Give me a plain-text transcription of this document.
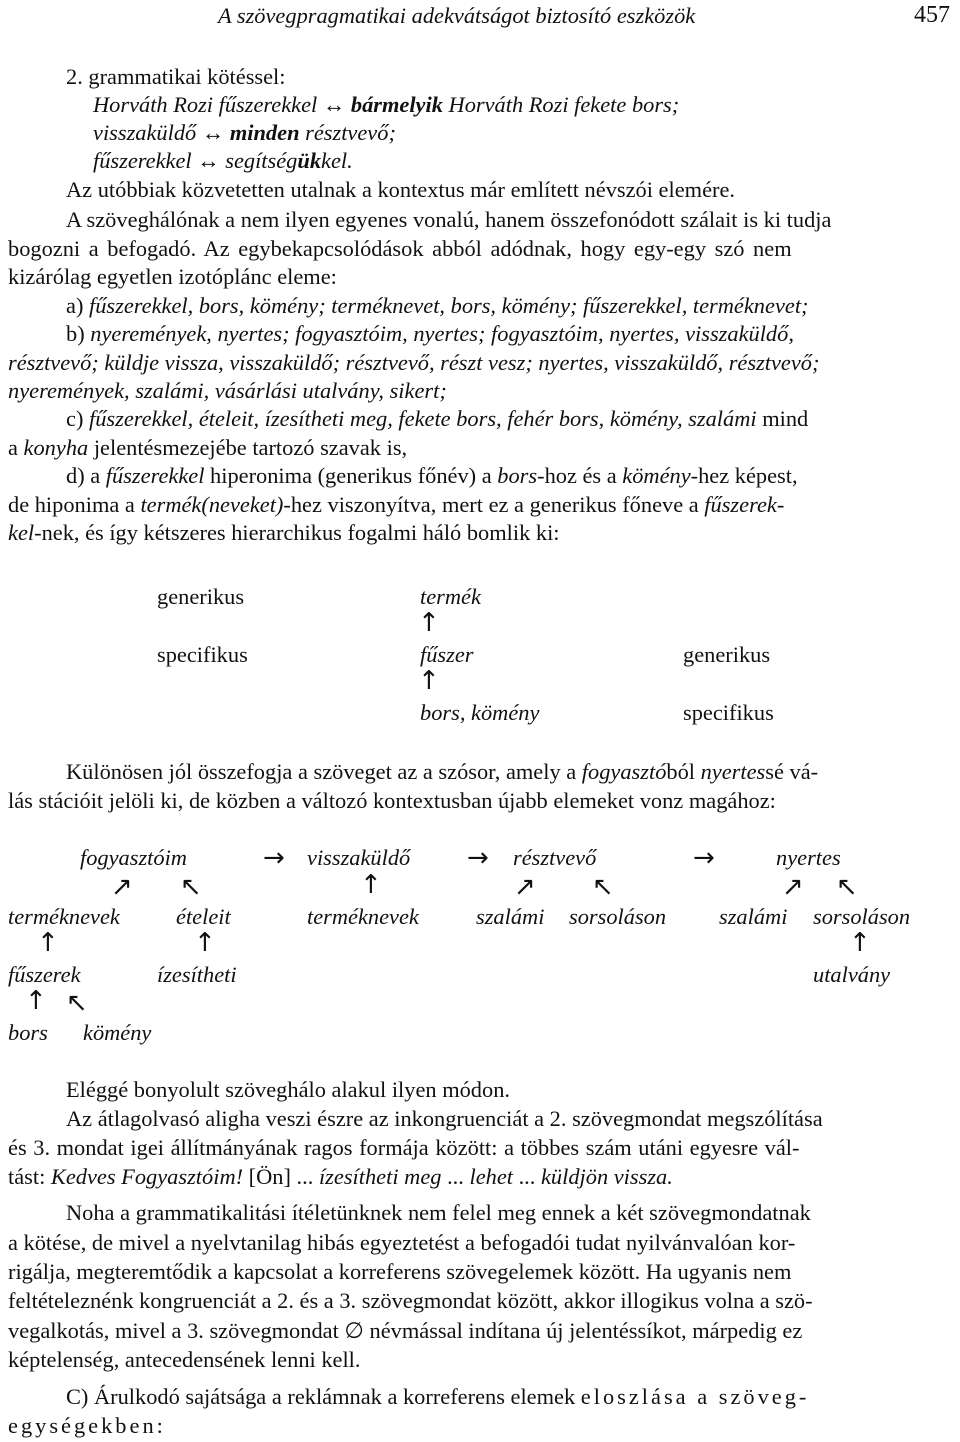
A szövegpragmatikai adekvátságot biztosító eszközök	457
2. grammatikai kötéssel:
Horváth Rozi fűszerekkel ↔ bármelyik Horváth Rozi fekete bors;
visszaküldő ↔ minden résztvevő;
fűszerekkel ↔ segítségükkel.
Az utóbbiak közvetetten utalnak a kontextus már említett névszói elemére.
A szöveghálónak a nem ilyen egyenes vonalú, hanem összefonódott szálait is ki tudja
bogozni a befogadó. Az egybekapcsolódások abból adódnak, hogy egy-egy szó nem
kizárólag egyetlen izotóplánc eleme:
a) fűszerekkel, bors, kömény; terméknevet, bors, kömény; fűszerekkel, terméknevet;
b) nyeremények, nyertes; fogyasztóim, nyertes; fogyasztóim, nyertes, visszaküldő,
résztvevő; küldje vissza, visszaküldő; résztvevő, részt vesz; nyertes, visszaküldő, résztvevő;
nyeremények, szalámi, vásárlási utalvány, sikert;
c) fűszerekkel, ételeit, ízesítheti meg, fekete bors, fehér bors, kömény, szalámi mind
a konyha jelentésmezejébe tartozó szavak is,
d) a fűszerekkel hiperonima (generikus főnév) a bors-hoz és a kömény-hez képest,
de hiponima a termék(neveket)-hez viszonyítva, mert ez a generikus főneve a fűszerek-
kel-nek, és így kétszeres hierarchikus fogalmi háló bomlik ki:
generikus	termék
↑
specifikus	fűszer	generikus
↑
bors, kömény	specifikus
Különösen jól összefogja a szöveget az a szósor, amely a fogyasztóból nyertessé vá-
lás stációit jelöli ki, de közben a változó kontextusban újabb elemeket vonz magához:
fogyasztóim	→ visszaküldő → résztvevő	→	nyertes
↗ ↖	↑	↗ ↖	↗ ↖
terméknevek	ételeit	terméknevek	szalámi sorsoláson szalámi sorsoláson
↑	↑	↑
fűszerek	ízesítheti	utalvány
↑ ↖
bors kömény
Eléggé bonyolult szöveghálo alakul ilyen módon.
Az átlagolvasó aligha veszi észre az inkongruenciát a 2. szövegmondat megszólítása
és 3. mondat igei állítmányának ragos formája között: a többes szám utáni egyesre vál-
tást: Kedves Fogyasztóim! [Ön] ... ízesítheti meg ... lehet ... küldjön vissza.
Noha a grammatikalitási ítéletünknek nem felel meg ennek a két szövegmondatnak
a kötése, de mivel a nyelvtanilag hibás egyeztetést a befogadói tudat nyilvánvalóan kor-
rigálja, megteremtődik a kapcsolat a korreferens szövegelemek között. Ha ugyanis nem
feltételeznénk kongruenciát a 2. és a 3. szövegmondat között, akkor illogikus volna a szö-
vegalkotás, mivel a 3. szövegmondat ∅ névmással indítana új jelentéssíkot, márpedig ez
képtelenség, antecedensének lenni kell.
C) Árulkodó sajátsága a reklámnak a korreferens elemek eloszlása a szöveg-
egységekben:
